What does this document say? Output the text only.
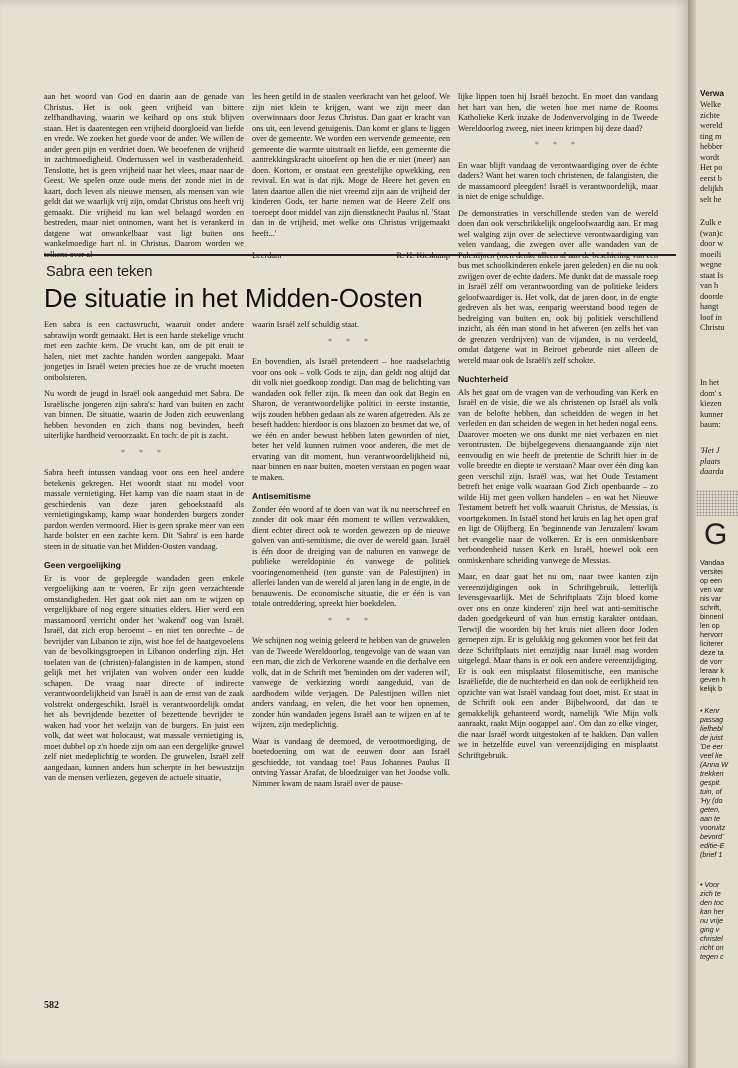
aan het woord van God en daarin aan de genade van Christus. Het is ook geen vrijheid van bittere zelfhandhaving, waarin we keihard op ons stuk blijven staan. Het is daarentegen een vrijheid doorgloeid van liefde en vrede. We zoeken het goede voor de ander. We willen de ander geen pijn en verdriet doen. We beoefenen de vrijheid in zachtmoedigheid. Ondertussen wel in vastberadenheid. Tenslotte, het is geen vrijheid naar het vlees, maar naar de Geest. We spelen onze oude mens der zonde niet in de kaart, doch leven als nieuwe mensen, als mensen van wie geldt dat we waarlijk vrij zijn, omdat Christus ons heeft vrij gemaakt. Die vrijheid nu kan wel belaagd worden en bestreden, maar niet ontnomen, want het is verankerd in datgene wat onwankelbaar vast ligt buiten ons wankelmoedige hart nl. in Christus. Daarom worden we telkens over al-

les heen getild in de staalen veerkracht van het geloof. We zijn niet klein te krijgen, want we zijn meer dan overwinnaars door Jezus Christus. Dan gaat er kracht van ons uit, een levend getuigenis. Dan komt er glans te liggen over de gemeente. We worden een wervende gemeente, een gemeente die warmte uitstraalt en liefde, een gemeente die aantrekkingskracht uitoefent op hen die er niet (meer) aan doen. Kortom, er onstaat een geestelijke opwekking, een revival. En wat is dat rijk. Moge de Heere het geven en laten daartoe allen die niet vreemd zijn aan de vrijheid der kinderen Gods, ter harte nemen wat de Heere Zelf ons toeroept door middel van zijn dienstknecht Paulus nl. 'Staat dan in de vrijheid, met welke ons Christus vrijgemaakt heeft...'

Leerdam	R. H. Kieskamp

lijke lippen toen hij Israël bezocht. En moet dan vandaag het hart van hen, die weten hoe met name de Rooms Katholieke Kerk inzake de Jodenvervolging in de Tweede Wereldoorlog zweeg, niet ineen krimpen bij deze daad?

* * *

En waar blijft vandaag de verontwaardiging over de échte daders? Want het waren toch christenen, de falangisten, die de massamoord pleegden! Israël is verantwoordelijk, maar is niet de enige schuldige.

De demonstraties in verschillende steden van de wereld doen dan ook verschrikkelijk ongeloofwaardig aan. Er mag wel walging zijn over de selectieve verontwaardiging van velen vandaag, die zwegen over alle wandaden van de Palestijnen (men denke alleen al aan de beschieting van een bus met schoolkinderen enkele jaren geleden) en die nu ook zwijgen over de echte daders. Me dunkt dat de massale roep in Israël zélf om verantwoording van de politieke leiders geloofwaardiger is. Het volk, dat de jaren door, in de engte gedreven als het was, eenparig weerstand bood tegen de bedreiging van buiten en, ook bij politiek verschillend inzicht, als één man stond in het afweren (en zelfs het van de grenzen verdrijven) van de vijanden, is nu verdeeld, omdat datgene wat in Beiroet gebeurde niet alleen de wereld maar ook de Israëli's zelf schokte.

Nuchterheid

Als het gaat om de vragen van de verhouding van Kerk en Israël en de visie, die we als christenen op Israël als volk van de belofte hebben, dan scheidden de wegen in het verleden en dan scheiden de wegen in het heden nogal eens. Daarover moeten we ons dunkt me niet verbazen en niet verontrusten. De bijbelgegevens dienaangaande zijn niet eenvoudig en wie heeft de pretentie de Schrift hier in de volle breedte en diepte te verstaan? Maar over één ding kan geen verschil zijn. Israël was, wat het Oude Testament betreft het enige volk waaraan God Zich openbaarde – zo wilde Hij met geen volken handelen – en wat het Nieuwe Testament betreft het volk waaruit Christus, de Messias, is voortgekomen. In Israël stond het kruis en lag het open graf en ligt de Olijfberg. En 'beginnende van Jeruzalem' kwam het evangelie naar de volkeren. Er is een onmiskenbare verbondenheid tussen Kerk en Israël, hoewel ook een onmiskenbare scheiding vanwege de Messias.

Maar, en daar gaat het nu om, naar twee kanten zijn vereenzijdigingen ook in Schriftgebruik, letterlijk levensgevaarlijk. Met de Schriftplaats 'Zijn bloed kome over ons en onze kinderen' zijn heel wat anti-semitische daden goedgekeurd of van hun ernstig karakter ontdaan. Terwijl die woorden bij het kruis niet alleen door Joden geroepen zijn. Er is gelukkig nog gekomen voor het feit dat deze Schriftplaats niet eenzijdig naar Israël mag worden uitgelegd. Maar thans is er ook een andere vereenzijdiging. Er is ook een misplaatst filosemitische, een manische Israëliefde, die de nuchterheid en dan ook de eerlijkheid ten opzichte van wat Israël vandaag fout doet, mist. Er staat in de Schrift ook een ander Bijbelwoord, dat dan te gemakkelijk gehanteerd wordt, namelijk 'Wie Mijn volk aanraakt, raakt Mijn oogappel aan'. Om dan zo elke vinger, die naar Israël wordt uitgestoken af te hakken. Dan vallen we in hetzelfde euvel van vereenzijdiging en misplaatst Schriftgebruik.

Sabra een teken
De situatie in het Midden-Oosten

Een sabra is een cactusvrucht, waaruit onder andere sabrawijn wordt gemaakt. Het is een harde stekelige vrucht met een zachte kern. De vrucht kan, om de pit eruit te halen, niet met zachte handen worden aangepakt. Maar jongetjes in Israël weten precies hoe ze de vrucht moeten ontbolsteren.

Nu wordt de jeugd in Israël ook aangeduid met Sabra. De Israëlische jongeren zijn sabra's: hard van buiten en zacht van binnen. De situatie, waarin de Joden zich eeuwenlang hebben bevonden en zich thans nog bevinden, heeft uiterlijke hardheid veroorzaakt. En toch: de pit is zacht.

* * *

Sabra heeft intussen vandaag voor ons een heel andere betekenis gekregen. Het woordt staat nu model voor massale vernietiging. Het kamp van die naam staat in de geschiedenis van deze jaren geboekstaafd als vernietigingskamp, kamp waar honderden burgers zonder pardon werden vermoord. Hier is geen sprake meer van een harde bolster en een zachte kern. Dit 'Sabra' is een harde steen in de situatie van het Midden-Oosten vandaag.

Geen vergoelijking

Er is voor de gepleegde wandaden geen enkele vergoelijking aan te voeren. Er zijn geen verzachtende omstandigheden. Het gaat ook niet aan om te wijzen op vergelijkbare of nog ergere situaties elders. Hier werd een massamoord verricht onder het 'wakend' oog van Israël. Israël, dat zich erop beroemt – en niet ten onrechte – de bevrijder van Libanon te zijn, wist hoe fel de haatgevoelens van de bevolkingsgroepen in Libanon onderling zijn. Het toelaten van de (christen)-falangisten in de kampen, stond gelijk met het vrijlaten van wolven onder een kudde schapen. De vraag naar directe of indirecte verantwoordelijkheid van Israël is aan de ernst van de zaak volstrekt ondergeschikt. Israël is verantwoordelijk omdat het als bevrijdende bezetter of bezettende bevrijder te waken had voor het welzijn van de burgers. En juist een volk, dat weet wat holocaust, wat massale vernietiging is, moet dubbel op z'n hoede zijn om aan een dergelijke gruwel zelf niet medeplichtig te worden. De gruwelen, Israël zelf aangedaan, kunnen anders hun scherpte in het bewustzijn van de mensen verliezen, gegeven de actuele situatie,

waarin Israël zelf schuldig staat.

* * *

En bovendien, als Israël pretendeert – hoe raadselachtig voor ons ook – volk Gods te zijn, dan geldt nog altijd dat dit volk niet goedkoop zondigt. Dan mag de belichting van wandaden ook feller zijn. Ik meen dan ook dat Begin en Sharon, de verantwoordelijke politici in eerste instantie, wijs zouden hebben gedaan als ze waren afgetreden. Als ze beseft hadden: hierdoor is ons blazoen zo besmet dat we, of we één en ander bewust hebben laten geworden of niet, beter het veld kunnen ruimen voor anderen, die met de ervaring van dit moment, hun verantwoordelijkheid nú, naar binnen en naar buiten, moeten verstaan en pogen waar te maken.

Antisemitisme

Zonder één woord af te doen van wat ik nu neerschreef en zonder dit ook maar één moment te willen verzwakken, dient echter direct ook te worden gewezen op de nieuwe golven van anti-semitisme, die over de wereld gaan. Israël is één door de dreiging van de naburen en vanwege de publieke wereldopinie én vanwege de politiek vooringenomenheid (ten gunste van de Palestijnen) in allerlei landen van de wereld al jaren lang in de engte, in de benauwenis. De economische situatie, die er één is van totale ontreddering, spreekt hier boekdelen.

* * *

We schijnen nog weinig geleerd te hebben van de gruwelen van de Tweede Wereldoorlog, tengevolge van de waan van een man, die zich de Verkorene waande en die derhalve een volk, dat in de Schrift met 'beminden om der vaderen wil', vanwege de verkiezing wordt aangeduid, van de aardbodem wilde verjagen. De Palestijnen willen niet anders vandaag, en velen, die het voor hen opnemen, zonder hún wandaden jegens Israël aan te wijzen en af te wijzen, zijn medeplichtig.

Waar is vandaag de deemoed, de verootmoediging, de boetedoening om wat de eeuwen door aan Israël geschiedde, tot vandaag toe! Paus Johannes Paulus II ontving Yassar Arafat, de bloedzuiger van het Joodse volk. Nimmer kwam de naam Israël over de pause-

582
Verwa
Welke
zichte
wereld
ting m
hebber
wordt
Het po
eerst b
delijkh
selt he
Zulk e
(wan)c
door w
moeili
wegne
staat Is
van h
doorde
hangt
loof in
Christu
In het
dom' s
kiezen
kunner
baum:
'Het J
plaats
daarda
G
Vandaa
versitei
op een
ven var
nis var
schrift,
binnenl
len op
hervorr
liciterer
deze ta
de vorr
leraar k
geven h
kelijk b
• Kenr
passag
liefhebl
de juist
'De eer
veel lie
(Anna W
trekken
gespit.
tuin, of
'Hy (do
geten,
aan te
vooruitz
bevord'
editie-E
(brief 1
• Voor
zich te
den toc
kan her
nu vrije
ging v
christel
richt on
tegen c
